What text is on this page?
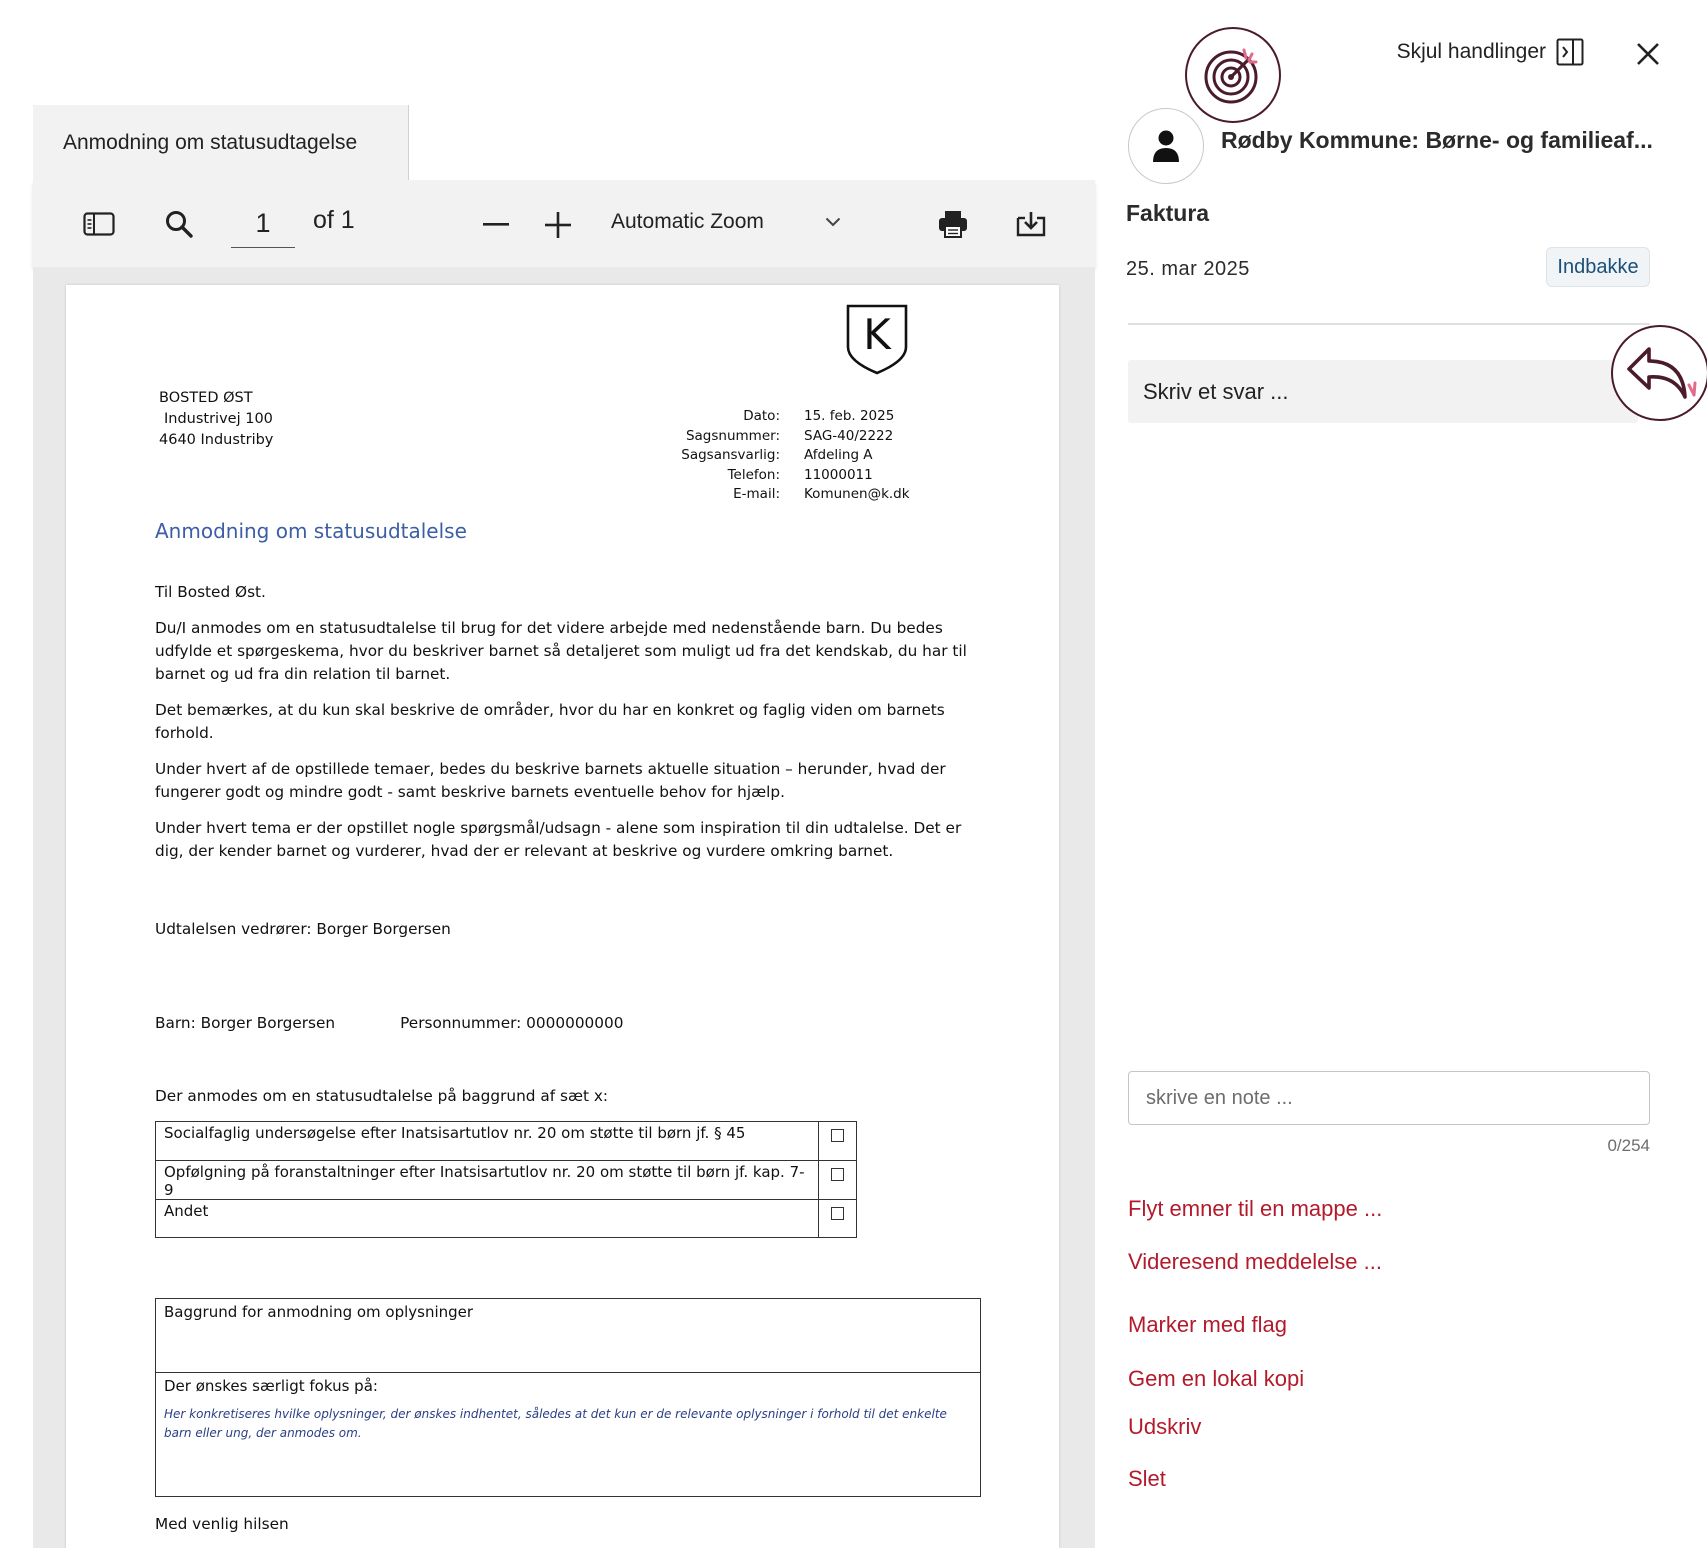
Anmodning om statusudtagelse
1
of 1	Automatic Zoom
K
BOSTED ØST
Industrivej 100
4640 Industriby
Dato:	15. feb. 2025
Sagsnummer:	SAG-40/2222
Sagsansvarlig:	Afdeling A
Telefon:	11000011
E-mail:	Komunen@k.dk
Anmodning om statusudtalelse

Til Bosted Øst.

Du/I anmodes om en statusudtalelse til brug for det videre arbejde med nedenstående barn. Du bedes udfylde et spørgeskema, hvor du beskriver barnet så detaljeret som muligt ud fra det kendskab, du har til barnet og ud fra din relation til barnet.

Det bemærkes, at du kun skal beskrive de områder, hvor du har en konkret og faglig viden om barnets forhold.

Under hvert af de opstillede temaer, bedes du beskrive barnets aktuelle situation – herunder, hvad der fungerer godt og mindre godt - samt beskrive barnets eventuelle behov for hjælp.

Under hvert tema er der opstillet nogle spørgsmål/udsagn - alene som inspiration til din udtalelse. Det er dig, der kender barnet og vurderer, hvad der er relevant at beskrive og vurdere omkring barnet.

Udtalelsen vedrører: Borger Borgersen
Barn: Borger Borgersen	Personnummer: 0000000000
Der anmodes om en statusudtalelse på baggrund af sæt x:
Socialfaglig undersøgelse efter Inatsisartutlov nr. 20 om støtte til børn jf. § 45	
Opfølgning på foranstaltninger efter Inatsisartutlov nr. 20 om støtte til børn jf. kap. 7-9	
Andet	
Baggrund for anmodning om oplysninger

Der ønskes særligt fokus på:
Her konkretiseres hvilke oplysninger, der ønskes indhentet, således at det kun er de relevante oplysninger i forhold til det enkelte barn eller ung, der anmodes om.
Med venlig hilsen
Skjul handlinger
Rødby Kommune: Børne- og familieaf...
Faktura
25. mar 2025	Indbakke
Skriv et svar ...
skrive en note ...
0/254
Flyt emner til en mappe ...
Videresend meddelelse ...
Marker med flag
Gem en lokal kopi
Udskriv
Slet
